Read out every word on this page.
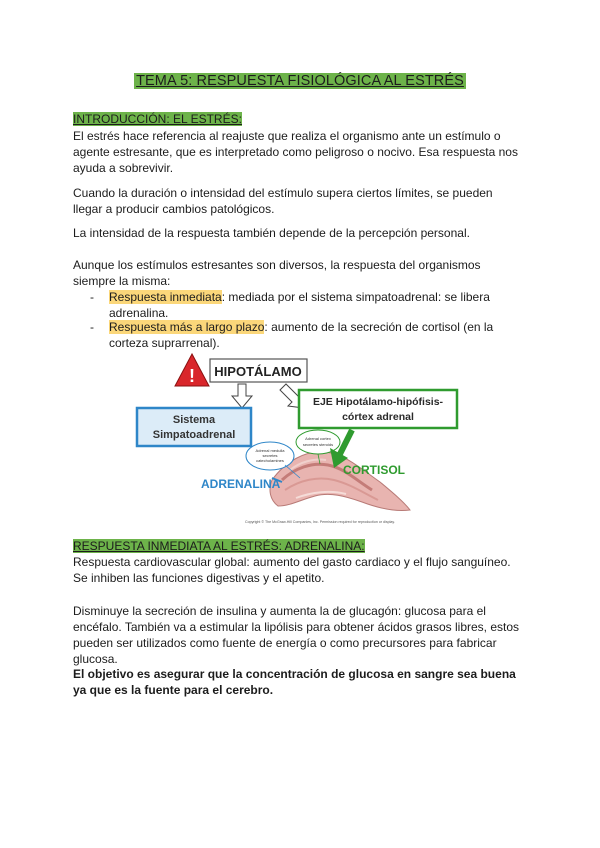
TEMA 5: RESPUESTA FISIOLÓGICA AL ESTRÉS
INTRODUCCIÓN: EL ESTRÉS:
El estrés hace referencia al reajuste que realiza el organismo ante un estímulo o
agente estresante, que es interpretado como peligroso o nocivo. Esa respuesta nos
ayuda a sobrevivir.
Cuando la duración o intensidad del estímulo supera ciertos límites, se pueden
llegar a producir cambios patológicos.
La intensidad de la respuesta también depende de la percepción personal.
Aunque los estímulos estresantes son diversos, la respuesta del organismos
siempre la misma:
- Respuesta inmediata: mediada por el sistema simpatoadrenal: se libera
adrenalina.
- Respuesta más a largo plazo: aumento de la secreción de cortisol (en la
corteza suprarrenal).
! HIPOTÁLAMO
Sistema
Simpatoadrenal
EJE Hipotálamo-hipófisis-
córtex adrenal
Adrenal medulla
secretes
catecholamines
Adrenal cortex
secretes steroids
CORTISOL
ADRENALINA
Copyright © The McGraw-Hill Companies, Inc. Permission required for reproduction or display.
RESPUESTA INMEDIATA AL ESTRÉS: ADRENALINA:
Respuesta cardiovascular global: aumento del gasto cardiaco y el flujo sanguíneo.
Se inhiben las funciones digestivas y el apetito.
Disminuye la secreción de insulina y aumenta la de glucagón: glucosa para el
encéfalo. También va a estimular la lipólisis para obtener ácidos grasos libres, estos
pueden ser utilizados como fuente de energía o como precursores para fabricar
glucosa.
El objetivo es asegurar que la concentración de glucosa en sangre sea buena
ya que es la fuente para el cerebro.
